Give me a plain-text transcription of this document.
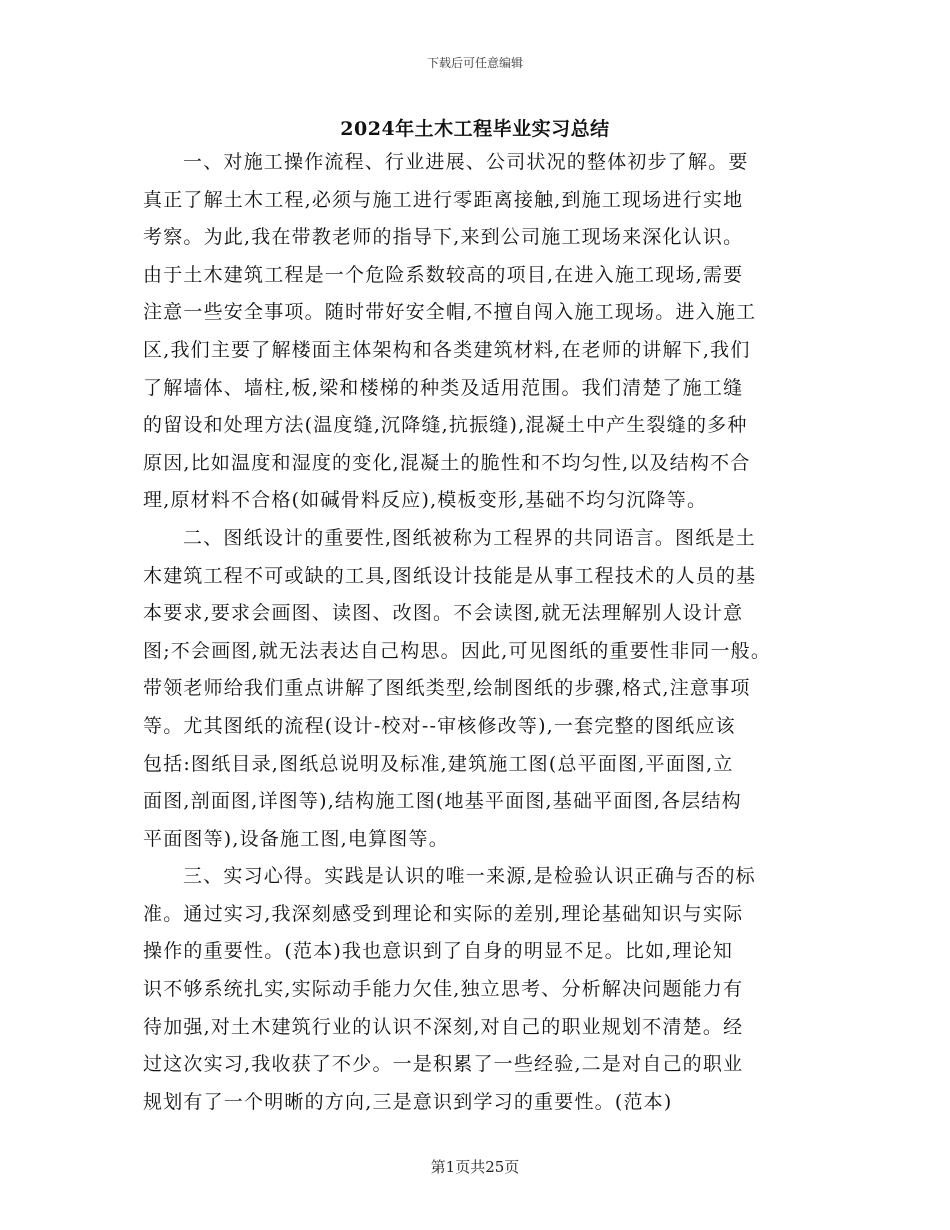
下载后可任意编辑
2024年土木工程毕业实习总结
一、对施工操作流程、行业进展、公司状况的整体初步了解。要
真正了解土木工程,必须与施工进行零距离接触,到施工现场进行实地
考察。为此,我在带教老师的指导下,来到公司施工现场来深化认识。
由于土木建筑工程是一个危险系数较高的项目,在进入施工现场,需要
注意一些安全事项。随时带好安全帽,不擅自闯入施工现场。进入施工
区,我们主要了解楼面主体架构和各类建筑材料,在老师的讲解下,我们
了解墙体、墙柱,板,梁和楼梯的种类及适用范围。我们清楚了施工缝
的留设和处理方法(温度缝,沉降缝,抗振缝),混凝土中产生裂缝的多种
原因,比如温度和湿度的变化,混凝土的脆性和不均匀性,以及结构不合
理,原材料不合格(如碱骨料反应),模板变形,基础不均匀沉降等。
二、图纸设计的重要性,图纸被称为工程界的共同语言。图纸是土
木建筑工程不可或缺的工具,图纸设计技能是从事工程技术的人员的基
本要求,要求会画图、读图、改图。不会读图,就无法理解别人设计意
图;不会画图,就无法表达自己构思。因此,可见图纸的重要性非同一般。
带领老师给我们重点讲解了图纸类型,绘制图纸的步骤,格式,注意事项
等。尤其图纸的流程(设计-校对--审核修改等),一套完整的图纸应该
包括:图纸目录,图纸总说明及标准,建筑施工图(总平面图,平面图,立
面图,剖面图,详图等),结构施工图(地基平面图,基础平面图,各层结构
平面图等),设备施工图,电算图等。
三、实习心得。实践是认识的唯一来源,是检验认识正确与否的标
准。通过实习,我深刻感受到理论和实际的差别,理论基础知识与实际
操作的重要性。(范本)我也意识到了自身的明显不足。比如,理论知
识不够系统扎实,实际动手能力欠佳,独立思考、分析解决问题能力有
待加强,对土木建筑行业的认识不深刻,对自己的职业规划不清楚。经
过这次实习,我收获了不少。一是积累了一些经验,二是对自己的职业
规划有了一个明晰的方向,三是意识到学习的重要性。(范本)
第1页共25页
